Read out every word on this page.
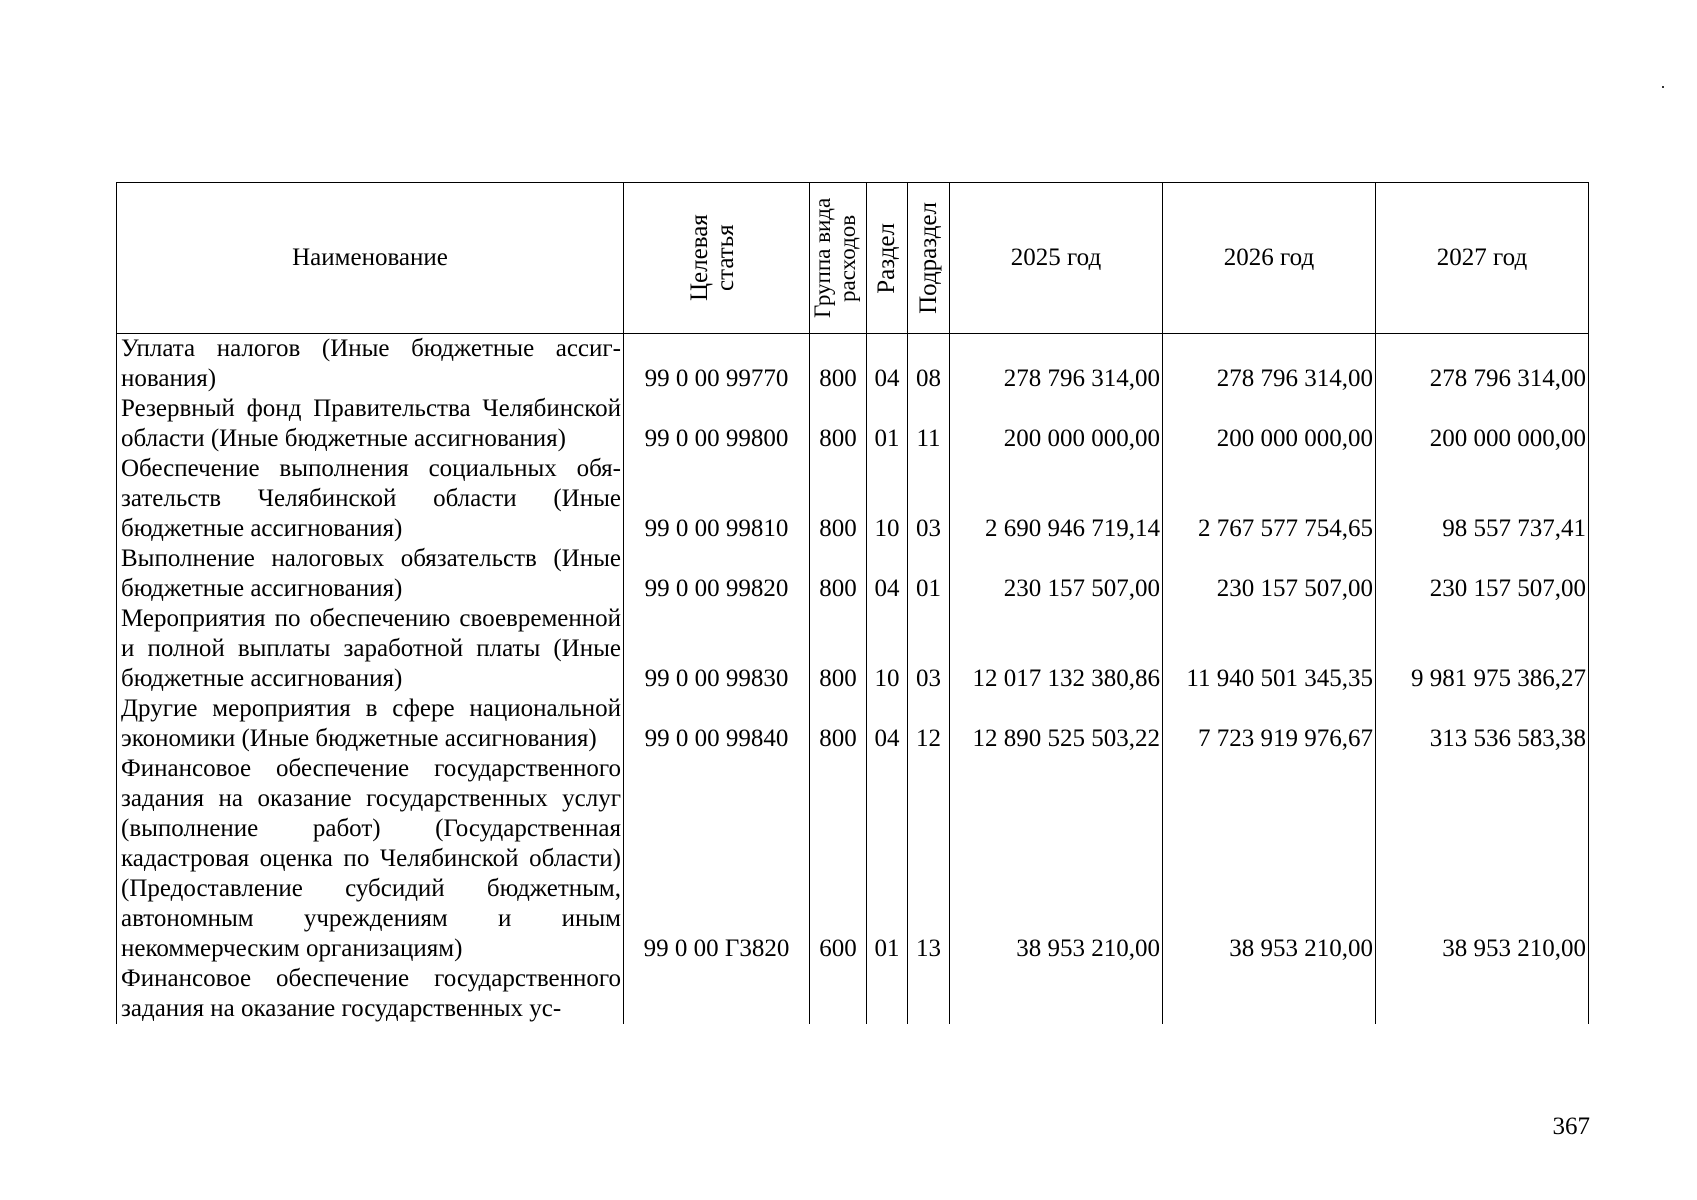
Наименование	Целевая статья	Группа вида расходов	Раздел	Подраздел	2025 год	2026 год	2027 год
Уплата налогов (Иные бюджетные ассигнования)	99 0 00 99770	800	04	08	278 796 314,00	278 796 314,00	278 796 314,00
Резервный фонд Правительства Челябинской области (Иные бюджетные ассигнования)	99 0 00 99800	800	01	11	200 000 000,00	200 000 000,00	200 000 000,00
Обеспечение выполнения социальных обязательств Челябинской области (Иные бюджетные ассигнования)	99 0 00 99810	800	10	03	2 690 946 719,14	2 767 577 754,65	98 557 737,41
Выполнение налоговых обязательств (Иные бюджетные ассигнования)	99 0 00 99820	800	04	01	230 157 507,00	230 157 507,00	230 157 507,00
Мероприятия по обеспечению своевременной и полной выплаты заработной платы (Иные бюджетные ассигнования)	99 0 00 99830	800	10	03	12 017 132 380,86	11 940 501 345,35	9 981 975 386,27
Другие мероприятия в сфере национальной экономики (Иные бюджетные ассигнования)	99 0 00 99840	800	04	12	12 890 525 503,22	7 723 919 976,67	313 536 583,38
Финансовое обеспечение государственного задания на оказание государственных услуг (выполнение работ) (Государственная кадастровая оценка по Челябинской области) (Предоставление субсидий бюджетным, автономным учреждениям и иным некоммерческим организациям)	99 0 00 Г3820	600	01	13	38 953 210,00	38 953 210,00	38 953 210,00
Финансовое обеспечение государственного задания на оказание государственных ус-							
367
